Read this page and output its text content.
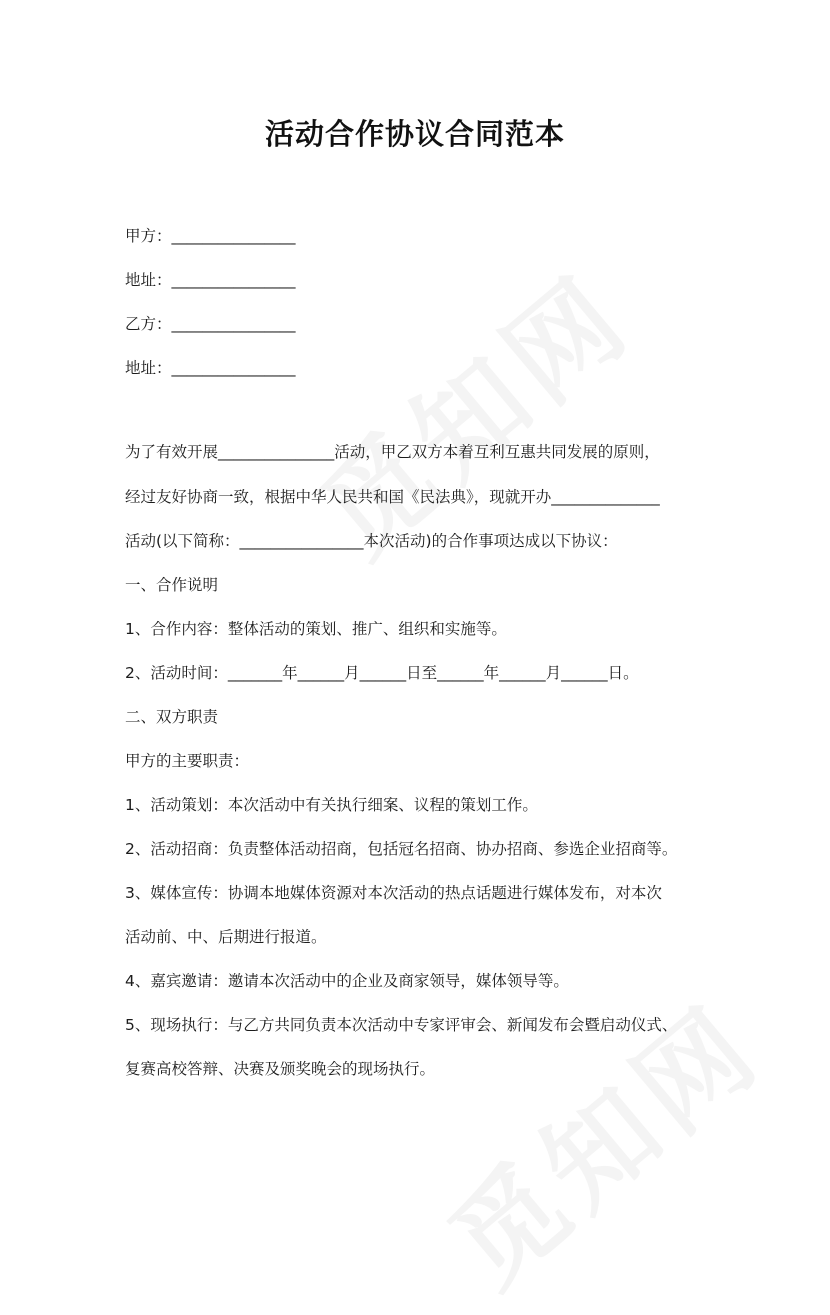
活动合作协议合同范本
甲方：________________
地址：________________
乙方：________________
地址：________________
为了有效开展_______________活动，甲乙双方本着互利互惠共同发展的原则，
经过友好协商一致，根据中华人民共和国《民法典》，现就开办______________
活动(以下简称：________________本次活动)的合作事项达成以下协议：
一、合作说明
1、合作内容：整体活动的策划、推广、组织和实施等。
2、活动时间：_______年______月______日至______年______月______日。
二、双方职责
甲方的主要职责：
1、活动策划：本次活动中有关执行细案、议程的策划工作。
2、活动招商：负责整体活动招商，包括冠名招商、协办招商、参选企业招商等。
3、媒体宣传：协调本地媒体资源对本次活动的热点话题进行媒体发布，对本次
活动前、中、后期进行报道。
4、嘉宾邀请：邀请本次活动中的企业及商家领导，媒体领导等。
5、现场执行：与乙方共同负责本次活动中专家评审会、新闻发布会暨启动仪式、
复赛高校答辩、决赛及颁奖晚会的现场执行。
